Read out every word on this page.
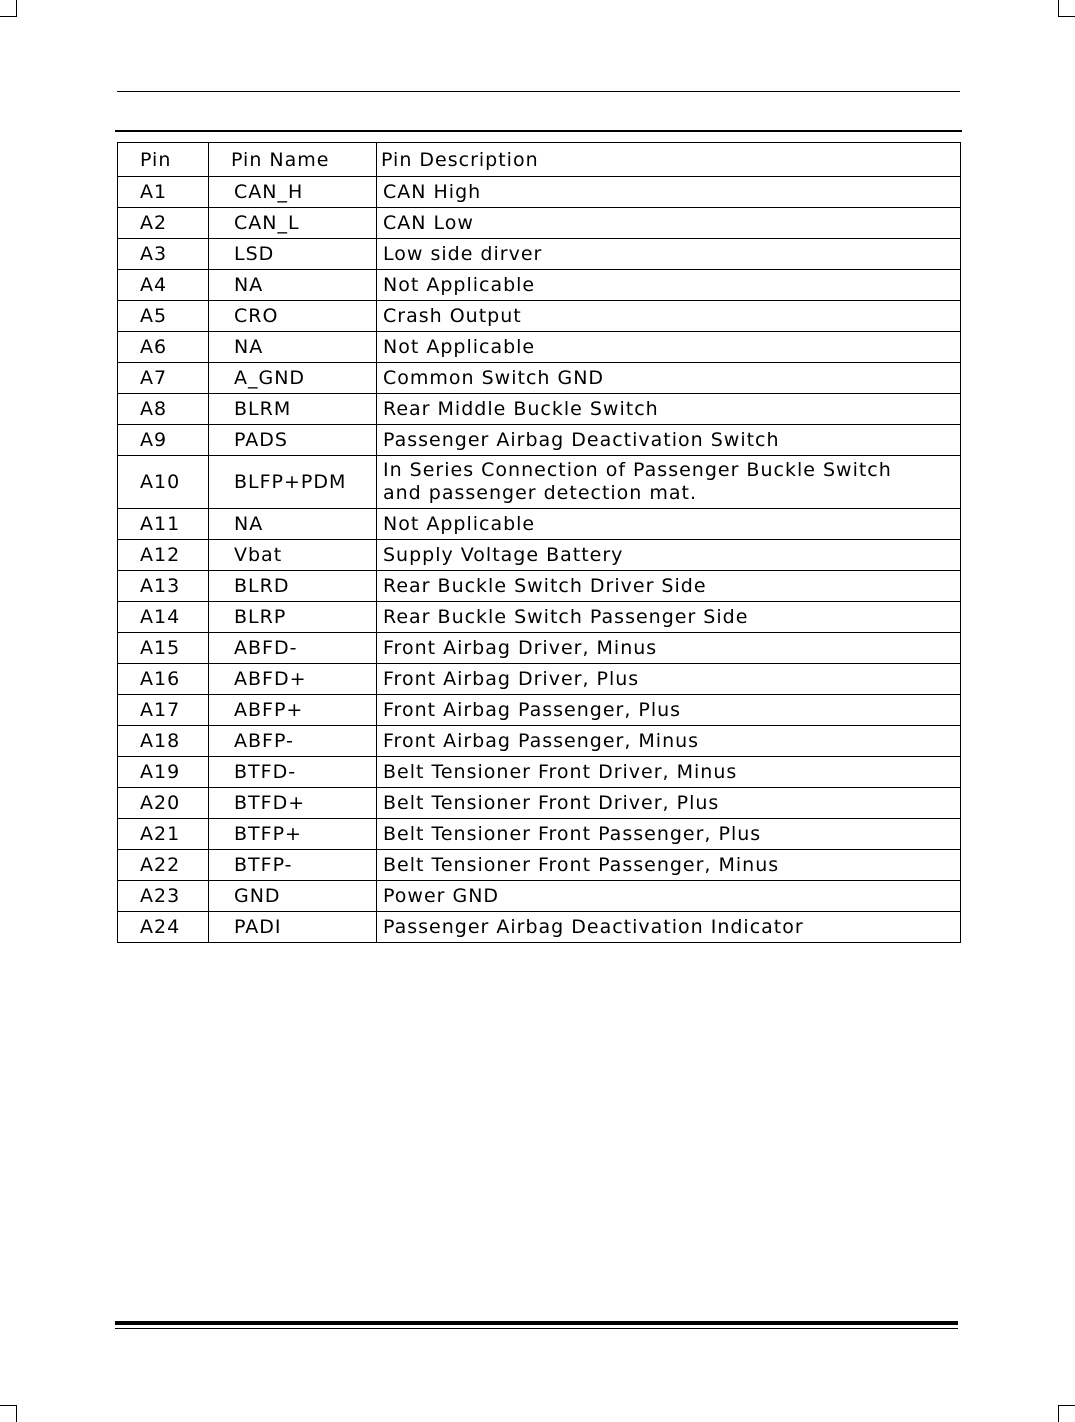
Pin	Pin Name	Pin Description
A1	CAN_H	CAN High
A2	CAN_L	CAN Low
A3	LSD	Low side dirver
A4	NA	Not Applicable
A5	CRO	Crash Output
A6	NA	Not Applicable
A7	A_GND	Common Switch GND
A8	BLRM	Rear Middle Buckle Switch
A9	PADS	Passenger Airbag Deactivation Switch
A10	BLFP+PDM	In Series Connection of Passenger Buckle Switch
and passenger detection mat.

A11	NA	Not Applicable
A12	Vbat	Supply Voltage Battery
A13	BLRD	Rear Buckle Switch Driver Side
A14	BLRP	Rear Buckle Switch Passenger Side
A15	ABFD-	Front Airbag Driver, Minus
A16	ABFD+	Front Airbag Driver, Plus
A17	ABFP+	Front Airbag Passenger, Plus
A18	ABFP-	Front Airbag Passenger, Minus
A19	BTFD-	Belt Tensioner Front Driver, Minus
A20	BTFD+	Belt Tensioner Front Driver, Plus
A21	BTFP+	Belt Tensioner Front Passenger, Plus
A22	BTFP-	Belt Tensioner Front Passenger, Minus
A23	GND	Power GND
A24	PADI	Passenger Airbag Deactivation Indicator
